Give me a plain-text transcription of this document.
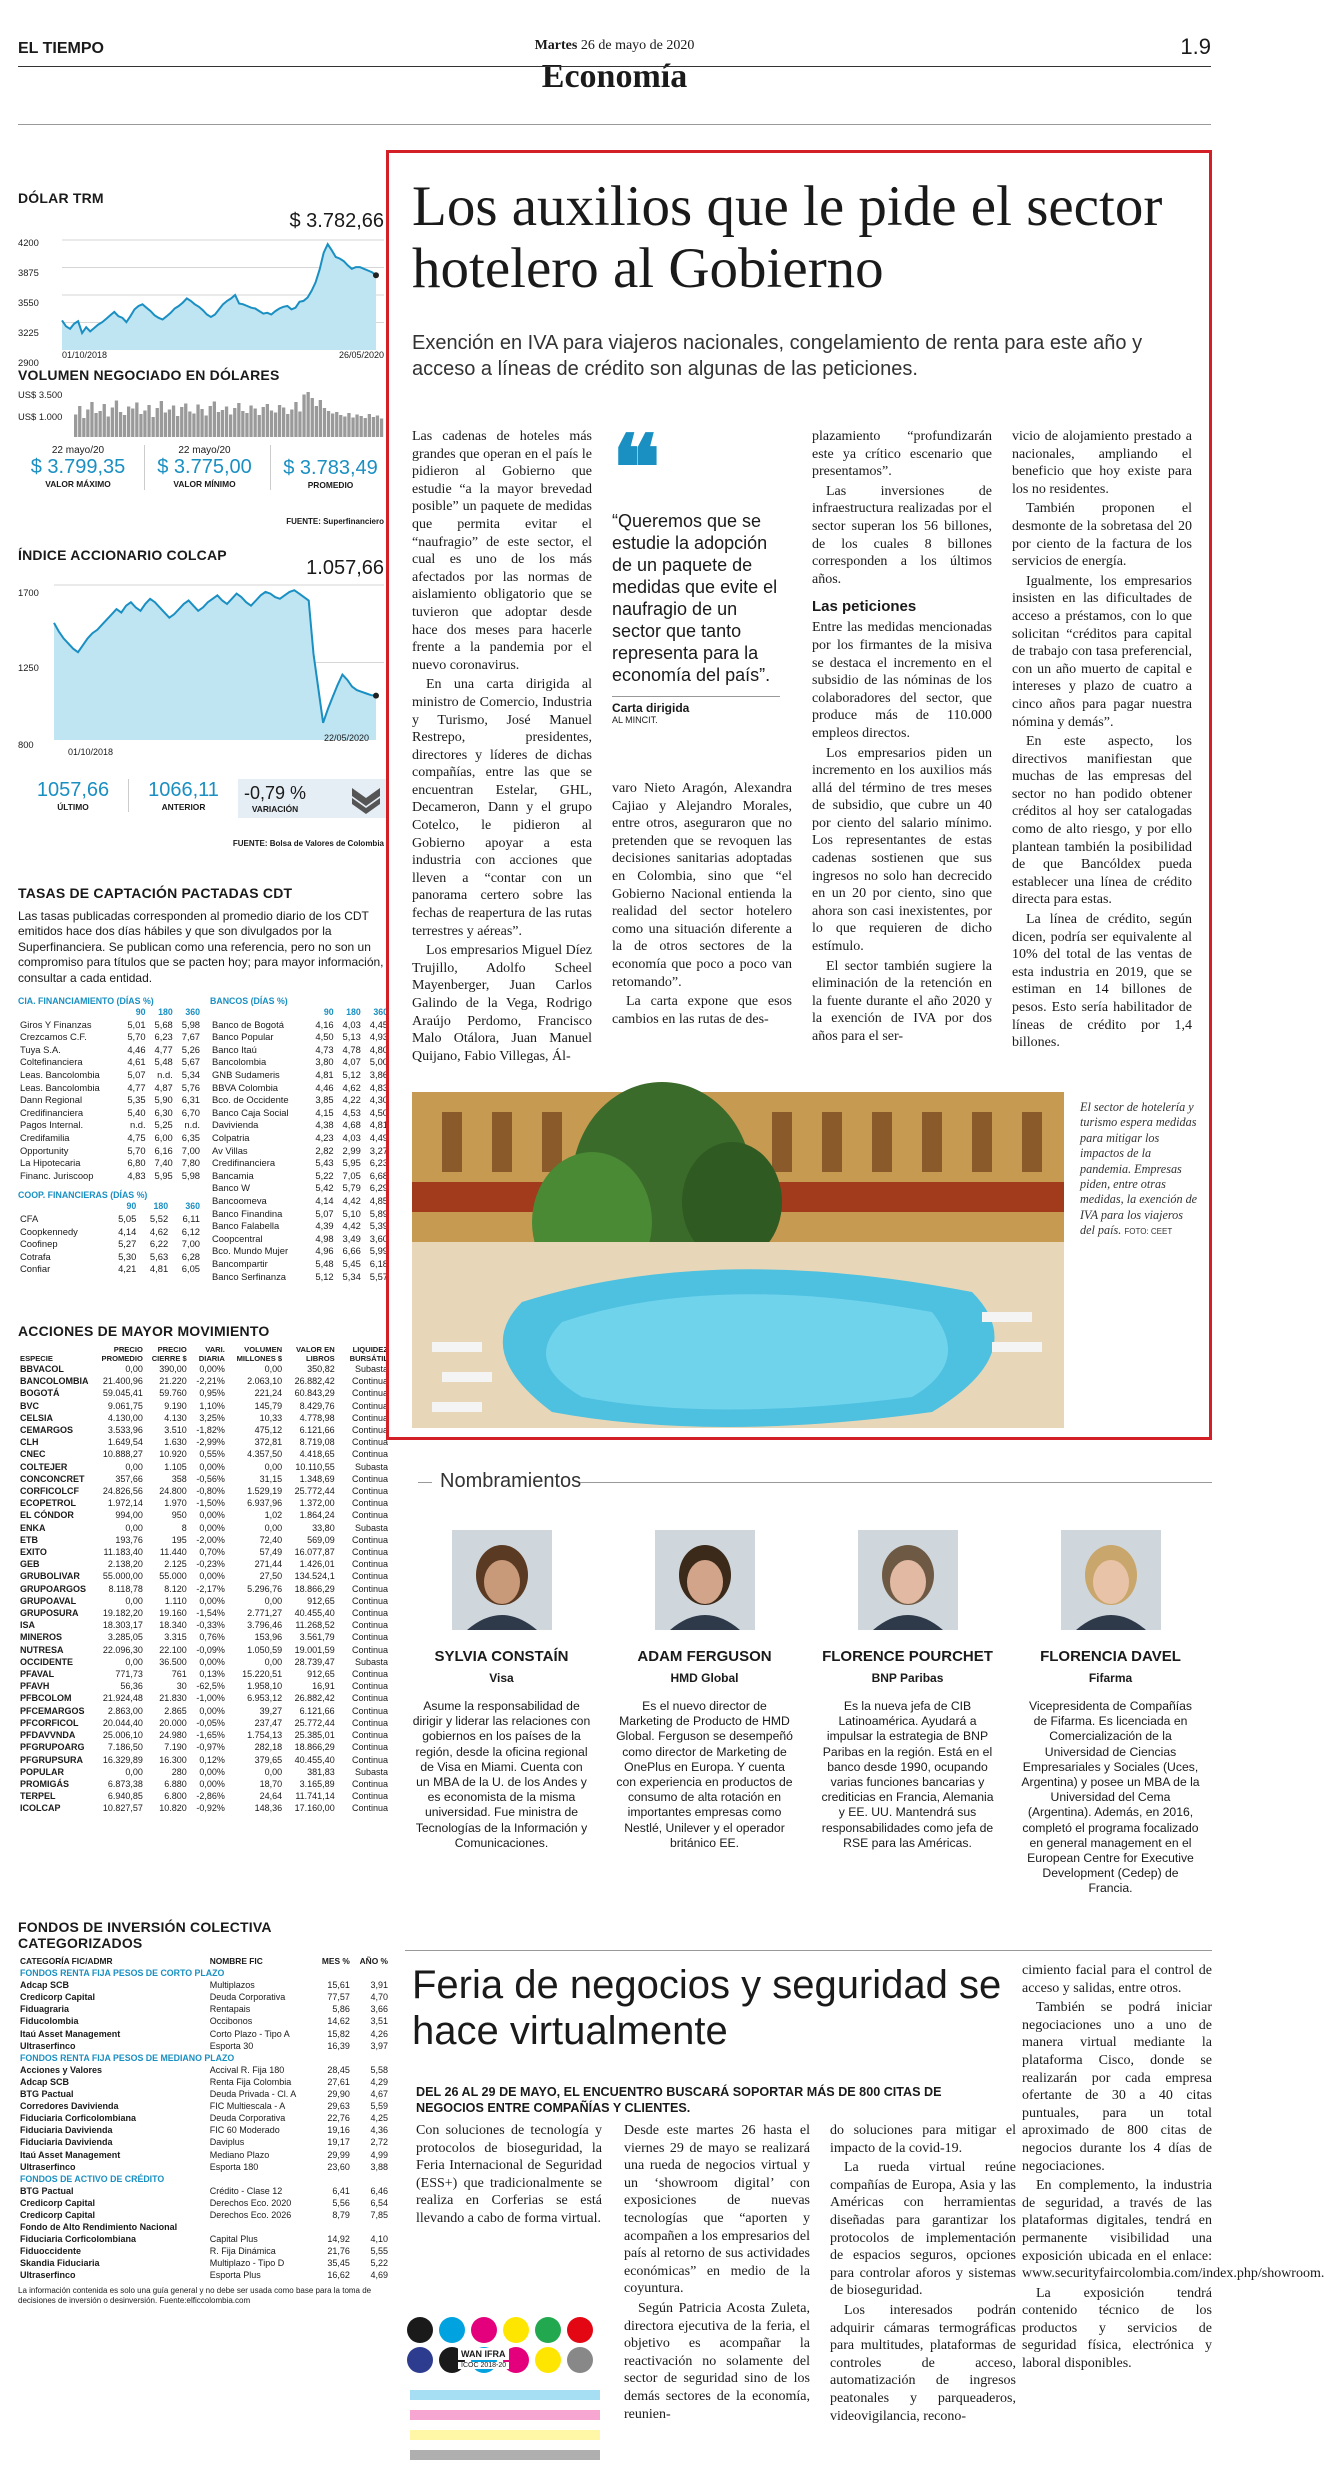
EL TIEMPO	Martes 26 de mayo de 2020
Economía
1.9
DÓLAR TRM
$ 3.782,66
4200
3875
3550
3225
2900
01/10/2018	26/05/2020
VOLUMEN NEGOCIADO EN DÓLARES
US$ 3.500
US$ 1.000
22 mayo/20
$ 3.799,35
VALOR MÁXIMO
22 mayo/20
$ 3.775,00
VALOR MÍNIMO
$ 3.783,49
PROMEDIO
FUENTE: Superfinanciero
ÍNDICE ACCIONARIO COLCAP
1.057,66
1700
1250
800
01/10/2018
22/05/2020
1057,66
ÚLTIMO
1066,11
ANTERIOR
-0,79 %
VARIACIÓN
FUENTE: Bolsa de Valores de Colombia
TASAS DE CAPTACIÓN PACTADAS CDT
Las tasas publicadas corresponden al promedio diario de los CDT emitidos hace dos días hábiles y que son divulgados por la Superfinanciera. Se publican como una referencia, pero no son un compromiso para títulos que se pacten hoy; para mayor información, consultar a cada entidad.
CIA. FINANCIAMIENTO (DÍAS %)
	90	180	360
Giros Y Finanzas	5,01	5,68	5,98
Crezcamos C.F.	5,70	6,23	7,67
Tuya S.A.	4,46	4,77	5,26
Coltefinanciera	4,61	5,48	5,67
Leas. Bancolombia	5,07	n.d.	5,34
Leas. Bancolombia	4,77	4,87	5,76
Dann Regional	5,35	5,90	6,31
Credifinanciera	5,40	6,30	6,70
Pagos Internal.	n.d.	5,25	n.d.
Credifamilia	4,75	6,00	6,35
Opportunity	5,70	6,16	7,00
La Hipotecaria	6,80	7,40	7,80
Financ. Juriscoop	4,83	5,95	5,98
COOP. FINANCIERAS (DÍAS %)
	90	180	360
CFA	5,05	5,52	6,11
Coopkennedy	4,14	4,62	6,12
Coofinep	5,27	6,22	7,00
Cotrafa	5,30	5,63	6,28
Confiar	4,21	4,81	6,05
BANCOS (DÍAS %)
	90	180	360
Banco de Bogotá	4,16	4,03	4,45
Banco Popular	4,50	5,13	4,93
Banco Itaú	4,73	4,78	4,80
Bancolombia	3,80	4,07	5,00
GNB Sudameris	4,81	5,12	3,86
BBVA Colombia	4,46	4,62	4,83
Bco. de Occidente	3,85	4,22	4,30
Banco Caja Social	4,15	4,53	4,50
Davivienda	4,38	4,68	4,81
Colpatria	4,23	4,03	4,49
Av Villas	2,82	2,99	3,27
Credifinanciera	5,43	5,95	6,23
Bancamia	5,22	7,05	6,68
Banco W	5,42	5,79	6,29
Bancoomeva	4,14	4,42	4,85
Banco Finandina	5,07	5,10	5,89
Banco Falabella	4,39	4,42	5,39
Coopcentral	4,98	3,49	3,60
Bco. Mundo Mujer	4,96	6,66	5,99
Bancompartir	5,48	5,45	6,18
Banco Serfinanza	5,12	5,34	5,57
ACCIONES DE MAYOR MOVIMIENTO
ESPECIE	PRECIO PROMEDIO	PRECIO CIERRE $	VARI. DIARIA	VOLUMEN MILLONES $	VALOR EN LIBROS	LIQUIDEZ BURSÁTIL
BBVACOL	0,00	390,00	0,00%	0,00	350,82	Subasta
BANCOLOMBIA	21.400,96	21.220	-2,21%	2.063,10	26.882,42	Continua
BOGOTÁ	59.045,41	59.760	0,95%	221,24	60.843,29	Continua
BVC	9.061,75	9.190	1,10%	145,79	8.429,76	Continua
CELSIA	4.130,00	4.130	3,25%	10,33	4.778,98	Continua
CEMARGOS	3.533,96	3.510	-1,82%	475,12	6.121,66	Continua
CLH	1.649,54	1.630	-2,99%	372,81	8.719,08	Continua
CNEC	10.888,27	10.920	0,55%	4.357,50	4.418,65	Continua
COLTEJER	0,00	1.105	0,00%	0,00	10.110,55	Subasta
CONCONCRET	357,66	358	-0,56%	31,15	1.348,69	Continua
CORFICOLCF	24.826,56	24.800	-0,80%	1.529,19	25.772,44	Continua
ECOPETROL	1.972,14	1.970	-1,50%	6.937,96	1.372,00	Continua
EL CÓNDOR	994,00	950	0,00%	1,02	1.864,24	Continua
ENKA	0,00	8	0,00%	0,00	33,80	Subasta
ETB	193,76	195	-2,00%	72,40	569,09	Continua
EXITO	11.183,40	11.440	0,70%	57,49	16.077,87	Continua
GEB	2.138,20	2.125	-0,23%	271,44	1.426,01	Continua
GRUBOLIVAR	55.000,00	55.000	0,00%	27,50	134.524,1	Continua
GRUPOARGOS	8.118,78	8.120	-2,17%	5.296,76	18.866,29	Continua
GRUPOAVAL	0,00	1.110	0,00%	0,00	912,65	Continua
GRUPOSURA	19.182,20	19.160	-1,54%	2.771,27	40.455,40	Continua
ISA	18.303,17	18.340	-0,33%	3.796,46	11.268,52	Continua
MINEROS	3.285,05	3.315	0,76%	153,96	3.561,79	Continua
NUTRESA	22.096,30	22.100	-0,09%	1.050,59	19.001,59	Continua
OCCIDENTE	0,00	36.500	0,00%	0,00	28.739,47	Subasta
PFAVAL	771,73	761	0,13%	15.220,51	912,65	Continua
PFAVH	56,36	30	-62,5%	1.958,10	16,91	Continua
PFBCOLOM	21.924,48	21.830	-1,00%	6.953,12	26.882,42	Continua
PFCEMARGOS	2.863,00	2.865	0,00%	39,27	6.121,66	Continua
PFCORFICOL	20.044,40	20.000	-0,05%	237,47	25.772,44	Continua
PFDAVVNDA	25.006,10	24.980	-1,65%	1.754,13	25.385,01	Continua
PFGRUPOARG	7.186,50	7.190	-0,97%	282,18	18.866,29	Continua
PFGRUPSURA	16.329,89	16.300	0,12%	379,65	40.455,40	Continua
POPULAR	0,00	280	0,00%	0,00	381,83	Subasta
PROMIGÁS	6.873,38	6.880	0,00%	18,70	3.165,89	Continua
TERPEL	6.940,85	6.800	-2,86%	24,64	11.741,14	Continua
ICOLCAP	10.827,57	10.820	-0,92%	148,36	17.160,00	Continua
FONDOS DE INVERSIÓN COLECTIVA CATEGORIZADOS
CATEGORÍA FIC/ADMR	NOMBRE FIC	MES %	AÑO %
FONDOS RENTA FIJA PESOS DE CORTO PLAZO			
Adcap SCB	Multiplazos	15,61	3,91
Credicorp Capital	Deuda Corporativa	77,57	4,70
Fiduagraria	Rentapais	5,86	3,66
Fiducolombia	Occibonos	14,62	3,51
Itaú Asset Management	Corto Plazo - Tipo A	15,82	4,26
Ultraserfinco	Esporta 30	16,39	3,97
FONDOS RENTA FIJA PESOS DE MEDIANO PLAZO			
Acciones y Valores	Accival R. Fija 180	28,45	5,58
Adcap SCB	Renta Fija Colombia	27,61	4,29
BTG Pactual	Deuda Privada - Cl. A	29,90	4,67
Corredores Davivienda	FIC Multiescala - A	29,63	5,59
Fiduciaria Corficolombiana	Deuda Corporativa	22,76	4,25
Fiduciaria Davivienda	FIC 60 Moderado	19,16	4,36
Fiduciaria Davivienda	Daviplus	19,17	2,72
Itaú Asset Management	Mediano Plazo	29,99	4,99
Ultraserfinco	Esporta 180	23,60	3,88
FONDOS DE ACTIVO DE CRÉDITO			
BTG Pactual	Crédito - Clase 12	6,41	6,46
Credicorp Capital	Derechos Eco. 2020	5,56	6,54
Credicorp Capital	Derechos Eco. 2026	8,79	7,85
Fondo de Alto Rendimiento Nacional			
Fiduciaria Corficolombiana	Capital Plus	14,92	4,10
Fiduoccidente	R. Fija Dinámica	21,76	5,55
Skandia Fiduciaria	Multiplazo - Tipo D	35,45	5,22
Ultraserfinco	Esporta Plus	16,62	4,69
La información contenida es solo una guía general y no debe ser usada como base para la toma de decisiones de inversión o desinversión. Fuente:elficcolombia.com
Los auxilios que le pide el sector hotelero al Gobierno
Exención en IVA para viajeros nacionales, congelamiento de renta para este año y acceso a líneas de crédito son algunas de las peticiones.

Las cadenas de hoteles más grandes que operan en el país le pidieron al Gobierno que estudie “a la mayor brevedad posible” un paquete de medidas que permita evitar el “naufragio” de este sector, el cual es uno de los más afectados por las normas de aislamiento obligatorio que se tuvieron que adoptar desde hace dos meses para hacerle frente a la pandemia por el nuevo coronavirus.

En una carta dirigida al ministro de Comercio, Industria y Turismo, José Manuel Restrepo, presidentes, directores y líderes de dichas compañías, entre las que se encuentran Estelar, GHL, Decameron, Dann y el grupo Cotelco, le pidieron al Gobierno apoyar a esta industria con acciones que lleven a “contar con un panorama certero sobre las fechas de reapertura de las rutas terrestres y aéreas”.

Los empresarios Miguel Díez Trujillo, Adolfo Scheel Mayenberger, Juan Carlos Galindo de la Vega, Rodrigo Araújo Perdomo, Francisco Malo Otálora, Juan Manuel Quijano, Fabio Villegas, Ál-

❝
“Queremos que se estudie la adopción de un paquete de medidas que evite el naufragio de un sector que tanto representa para la economía del país”.
Carta dirigida
AL MINCIT.

varo Nieto Aragón, Alexandra Cajiao y Alejandro Morales, entre otros, aseguraron que no pretenden que se revoquen las decisiones sanitarias adoptadas en Colombia, sino que “el Gobierno Nacional entienda la realidad del sector hotelero como una situación diferente a la de otros sectores de la economía que poco a poco van retomando”.

La carta expone que esos cambios en las rutas de des-

plazamiento “profundizarán este ya crítico escenario que presentamos”.

Las inversiones de infraestructura realizadas por el sector superan los 56 billones, de los cuales 8 billones corresponden a los últimos años.

Las peticiones

Entre las medidas mencionadas por los firmantes de la misiva se destaca el incremento en el subsidio de las nóminas de los colaboradores del sector, que produce más de 110.000 empleos directos.

Los empresarios piden un incremento en los auxilios más allá del término de tres meses de subsidio, que cubre un 40 por ciento del salario mínimo. Los representantes de estas cadenas sostienen que sus ingresos no solo han decrecido en un 20 por ciento, sino que ahora son casi inexistentes, por lo que requieren de dicho estímulo.

El sector también sugiere la eliminación de la retención en la fuente durante el año 2020 y la exención de IVA por dos años para el ser-

vicio de alojamiento prestado a nacionales, ampliando el beneficio que hoy existe para los no residentes.

También proponen el desmonte de la sobretasa del 20 por ciento de la factura de los servicios de energía.

Igualmente, los empresarios insisten en las dificultades de acceso a préstamos, con lo que solicitan “créditos para capital de trabajo con tasa preferencial, con un año muerto de capital e intereses y plazo de cuatro a cinco años para pagar nuestra nómina y demás”.

En este aspecto, los directivos manifiestan que muchas de las empresas del sector no han podido obtener créditos al hoy ser catalogadas como de alto riesgo, y por ello plantean también la posibilidad de que Bancóldex pueda establecer una línea de crédito directa para estas.

La línea de crédito, según dicen, podría ser equivalente al 10% del total de las ventas de esta industria en 2019, que se estiman en 14 billones de pesos. Esto sería habilitador de líneas de crédito por 1,4 billones.

El sector de hotelería y turismo espera medidas para mitigar los impactos de la pandemia. Empresas piden, entre otras medidas, la exención de IVA para los viajeros del país. FOTO: CEET
Nombramientos
SYLVIA CONSTAÍN
Visa
Asume la responsabilidad de dirigir y liderar las relaciones con gobiernos en los países de la región, desde la oficina regional de Visa en Miami. Cuenta con un MBA de la U. de los Andes y es economista de la misma universidad. Fue ministra de Tecnologías de la Información y Comunicaciones.
ADAM FERGUSON
HMD Global
Es el nuevo director de Marketing de Producto de HMD Global. Ferguson se desempeñó como director de Marketing de OnePlus en Europa. Y cuenta con experiencia en productos de consumo de alta rotación en importantes empresas como Nestlé, Unilever y el operador británico EE.
FLORENCE POURCHET
BNP Paribas
Es la nueva jefa de CIB Latinoamérica. Ayudará a impulsar la estrategia de BNP Paribas en la región. Está en el banco desde 1990, ocupando varias funciones bancarias y crediticias en Francia, Alemania y EE. UU. Mantendrá sus responsabilidades como jefa de RSE para las Américas.
FLORENCIA DAVEL
Fifarma
Vicepresidenta de Compañías de Fifarma. Es licenciada en Comercialización de la Universidad de Ciencias Empresariales y Sociales (Uces, Argentina) y posee un MBA de la Universidad del Cema (Argentina). Además, en 2016, completó el programa focalizado en general management en el European Centre for Executive Development (Cedep) de Francia.
Feria de negocios y seguridad se hace virtualmente
DEL 26 AL 29 DE MAYO, EL ENCUENTRO BUSCARÁ SOPORTAR MÁS DE 800 CITAS DE NEGOCIOS ENTRE COMPAÑÍAS Y CLIENTES.

Con soluciones de tecnología y protocolos de bioseguridad, la Feria Internacional de Seguridad (ESS+) que tradicionalmente se realiza en Corferias se está llevando a cabo de forma virtual.

WAN IFRA
ICOC 2018-20

Desde este martes 26 hasta el viernes 29 de mayo se realizará una rueda de negocios virtual y un ‘showroom digital’ con exposiciones de nuevas tecnologías que “aporten y acompañen a los empresarios del país al retorno de sus actividades económicas” en medio de la coyuntura.

Según Patricia Acosta Zuleta, directora ejecutiva de la feria, el objetivo es acompañar la reactivación no solamente del sector de seguridad sino de los demás sectores de la economía, reunien-

do soluciones para mitigar el impacto de la covid-19.

La rueda virtual reúne compañías de Europa, Asia y las Américas con herramientas diseñadas para garantizar los protocolos de implementación de espacios seguros, opciones para controlar aforos y sistemas de bioseguridad.

Los interesados podrán adquirir cámaras termográficas para multitudes, plataformas de controles de acceso, automatización de ingresos peatonales y parqueaderos, videovigilancia, recono-

cimiento facial para el control de acceso y salidas, entre otros.

También se podrá iniciar negociaciones uno a uno de manera virtual mediante la plataforma Cisco, donde se realizarán por cada empresa ofertante de 30 a 40 citas puntuales, para un total aproximado de 800 citas de negocios durante los 4 días de negociaciones.

En complemento, la industria de seguridad, a través de las plataformas digitales, tendrá en permanente visibilidad una exposición ubicada en el enlace: www.securityfaircolombia.com/index.php/showroom.

La exposición tendrá contenido técnico de los productos y servicios de seguridad física, electrónica y laboral disponibles.
